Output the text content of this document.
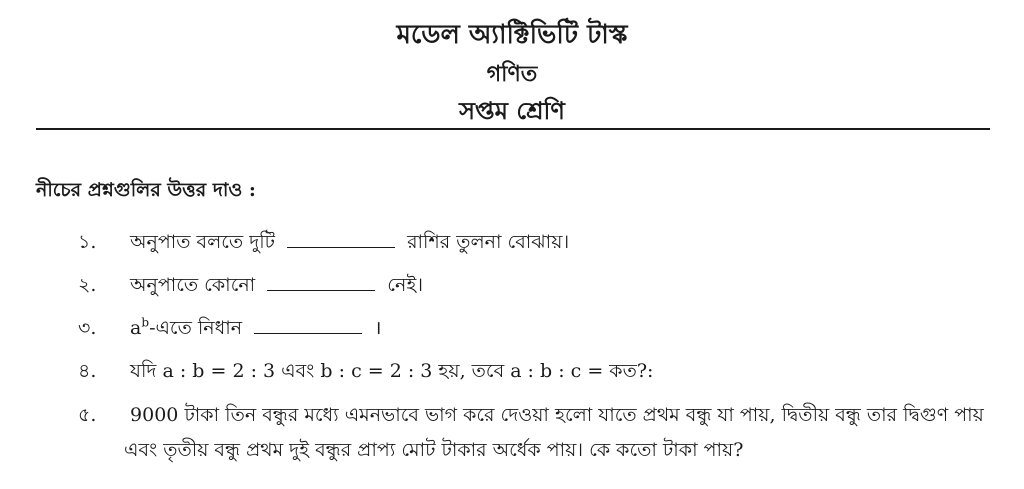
মডেল অ্যাক্টিভিটি টাস্ক
গণিত
সপ্তম শ্রেণি
নীচের প্রশ্নগুলির উত্তর দাও :
১. অনুপাত বলতে দুটি	রাশির তুলনা বোঝায়।
২. অনুপাতে কোনো	নেই।
৩. $a^b-এতে$ নিধান	।
৪. যদি a : b = 2 : 3 এবং b : c = 2 : 3 হয়, তবে a : b : c = কত?:
৫. 9000 টাকা তিন বন্ধুর মধ্যে এমনভাবে ভাগ করে দেওয়া হলো যাতে প্রথম বন্ধু যা পায়, দ্বিতীয় বন্ধু তার দ্বিগুণ পায়
এবং তৃতীয় বন্ধু প্রথম দুই বন্ধুর প্রাপ্য মোট টাকার অর্ধেক পায়। কে কতো টাকা পায়?
